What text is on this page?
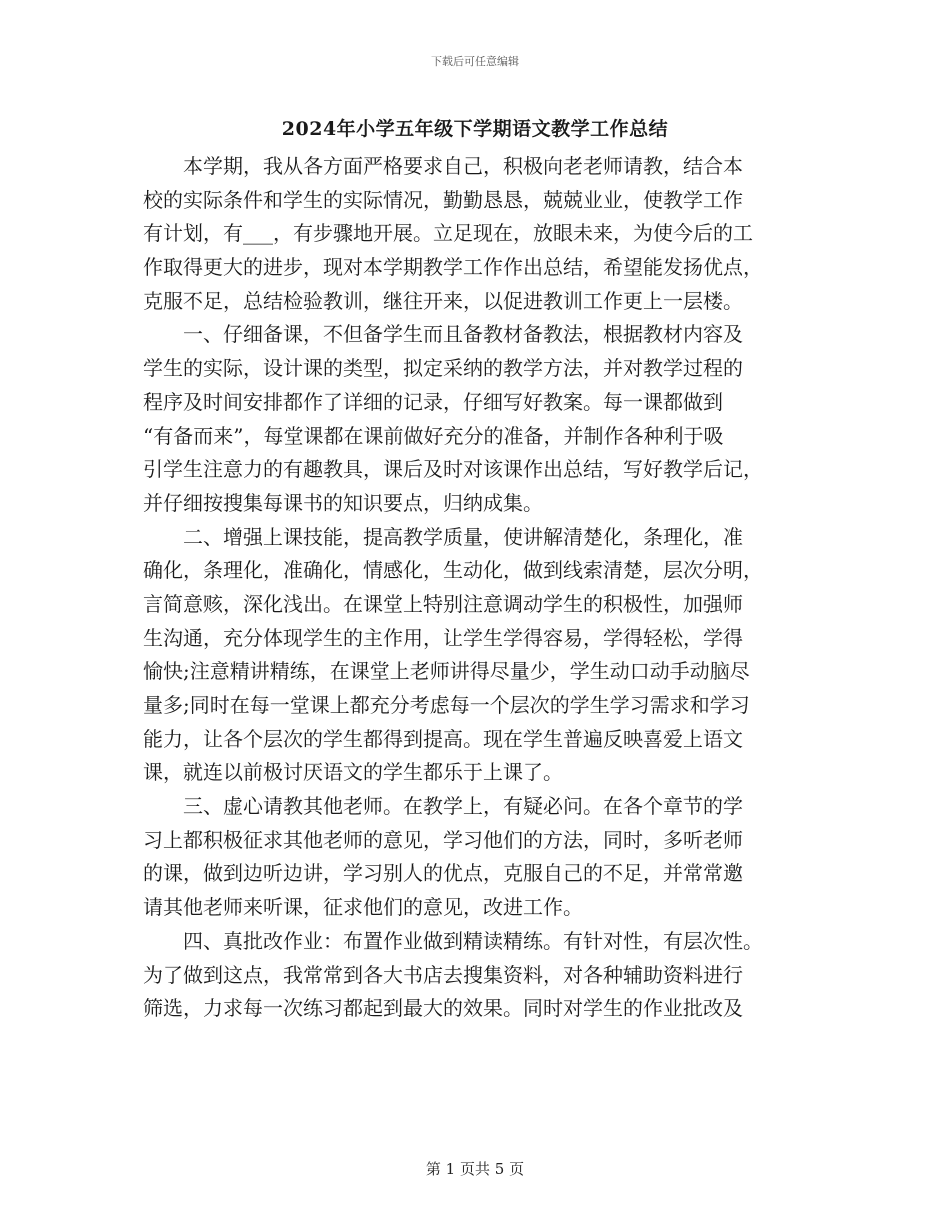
下载后可任意编辑
2024年小学五年级下学期语文教学工作总结
本学期，我从各方面严格要求自己，积极向老老师请教，结合本
校的实际条件和学生的实际情况，勤勤恳恳，兢兢业业，使教学工作
有计划，有___，有步骤地开展。立足现在，放眼未来，为使今后的工
作取得更大的进步，现对本学期教学工作作出总结，希望能发扬优点，
克服不足，总结检验教训，继往开来，以促进教训工作更上一层楼。
一、仔细备课，不但备学生而且备教材备教法，根据教材内容及
学生的实际，设计课的类型，拟定采纳的教学方法，并对教学过程的
程序及时间安排都作了详细的记录，仔细写好教案。每一课都做到
“有备而来”，每堂课都在课前做好充分的准备，并制作各种利于吸
引学生注意力的有趣教具，课后及时对该课作出总结，写好教学后记，
并仔细按搜集每课书的知识要点，归纳成集。
二、增强上课技能，提高教学质量，使讲解清楚化，条理化，准
确化，条理化，准确化，情感化，生动化，做到线索清楚，层次分明，
言简意赅，深化浅出。在课堂上特别注意调动学生的积极性，加强师
生沟通，充分体现学生的主作用，让学生学得容易，学得轻松，学得
愉快;注意精讲精练，在课堂上老师讲得尽量少，学生动口动手动脑尽
量多;同时在每一堂课上都充分考虑每一个层次的学生学习需求和学习
能力，让各个层次的学生都得到提高。现在学生普遍反映喜爱上语文
课，就连以前极讨厌语文的学生都乐于上课了。
三、虚心请教其他老师。在教学上，有疑必问。在各个章节的学
习上都积极征求其他老师的意见，学习他们的方法，同时，多听老师
的课，做到边听边讲，学习别人的优点，克服自己的不足，并常常邀
请其他老师来听课，征求他们的意见，改进工作。
四、真批改作业：布置作业做到精读精练。有针对性，有层次性。
为了做到这点，我常常到各大书店去搜集资料，对各种辅助资料进行
筛选，力求每一次练习都起到最大的效果。同时对学生的作业批改及
第 1 页共 5 页
